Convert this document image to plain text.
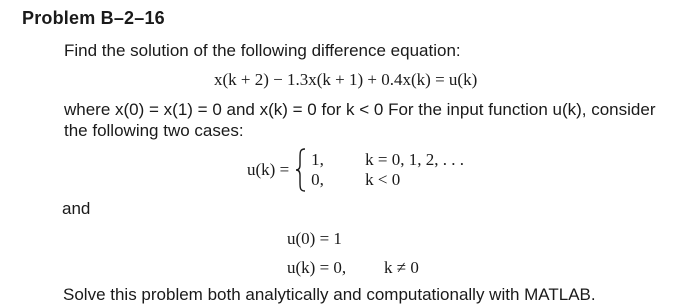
Problem B–2–16
Find the solution of the following difference equation:
x(k + 2) − 1.3x(k + 1) + 0.4x(k) = u(k)
where x(0) = x(1) = 0 and x(k) = 0 for k < 0 For the input function u(k), consider
the following two cases:
u(k) =
1,	k = 0, 1, 2, . . .
0,	k < 0
and
u(0) = 1
u(k) = 0, k ≠ 0
Solve this problem both analytically and computationally with MATLAB.
